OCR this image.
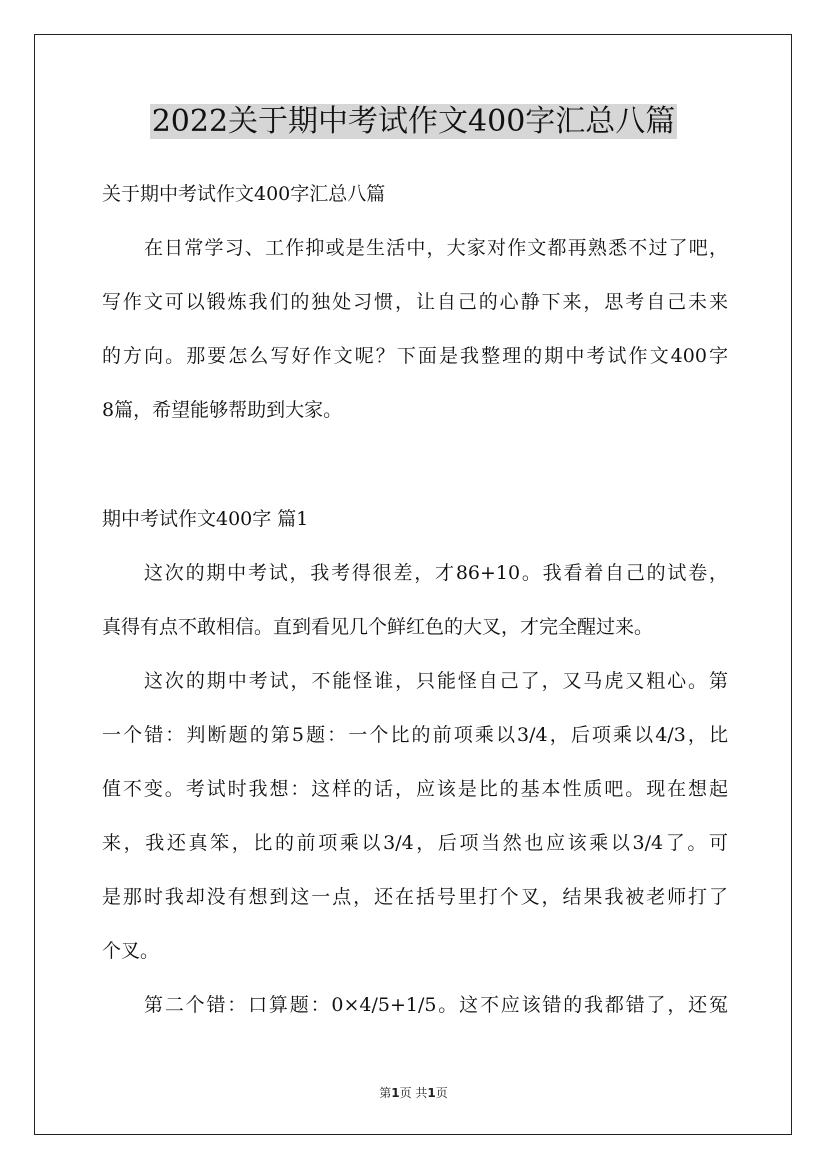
2022关于期中考试作文400字汇总八篇
关于期中考试作文400字汇总八篇
在日常学习、工作抑或是生活中，大家对作文都再熟悉不过了吧，
写作文可以锻炼我们的独处习惯，让自己的心静下来，思考自己未来
的方向。那要怎么写好作文呢？下面是我整理的期中考试作文400字
8篇，希望能够帮助到大家。
期中考试作文400字 篇1
这次的期中考试，我考得很差，才86+10。我看着自己的试卷，
真得有点不敢相信。直到看见几个鲜红色的大叉，才完全醒过来。
这次的期中考试，不能怪谁，只能怪自己了，又马虎又粗心。第
一个错：判断题的第5题：一个比的前项乘以3/4，后项乘以4/3，比
值不变。考试时我想：这样的话，应该是比的基本性质吧。现在想起
来，我还真笨，比的前项乘以3/4，后项当然也应该乘以3/4了。可
是那时我却没有想到这一点，还在括号里打个叉，结果我被老师打了
个叉。
第二个错：口算题：0×4/5+1/5。这不应该错的我都错了，还冤
第1页 共1页
